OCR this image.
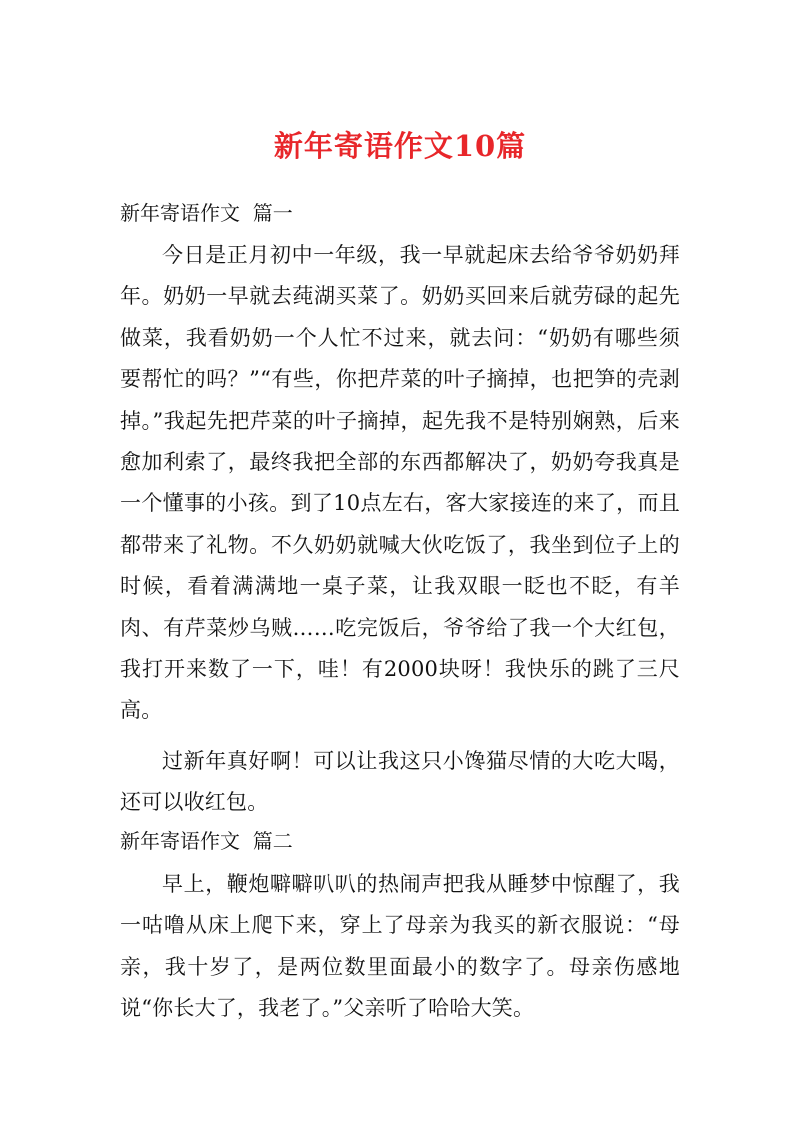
新年寄语作文10篇
新年寄语作文  篇一
今日是正月初中一年级，我一早就起床去给爷爷奶奶拜年。奶奶一早就去莼湖买菜了。奶奶买回来后就劳碌的起先做菜，我看奶奶一个人忙不过来，就去问：“奶奶有哪些须要帮忙的吗？”“有些，你把芹菜的叶子摘掉，也把笋的壳剥掉。”我起先把芹菜的叶子摘掉，起先我不是特别娴熟，后来愈加利索了，最终我把全部的东西都解决了，奶奶夸我真是一个懂事的小孩。到了10点左右，客大家接连的来了，而且都带来了礼物。不久奶奶就喊大伙吃饭了，我坐到位子上的时候，看着满满地一桌子菜，让我双眼一眨也不眨，有羊肉、有芹菜炒乌贼……吃完饭后，爷爷给了我一个大红包，我打开来数了一下，哇！有2000块呀！我快乐的跳了三尺高。
过新年真好啊！可以让我这只小馋猫尽情的大吃大喝，还可以收红包。
新年寄语作文  篇二
早上，鞭炮噼噼叭叭的热闹声把我从睡梦中惊醒了，我一咕噜从床上爬下来，穿上了母亲为我买的新衣服说：“母亲，我十岁了，是两位数里面最小的数字了。母亲伤感地说“你长大了，我老了。”父亲听了哈哈大笑。
